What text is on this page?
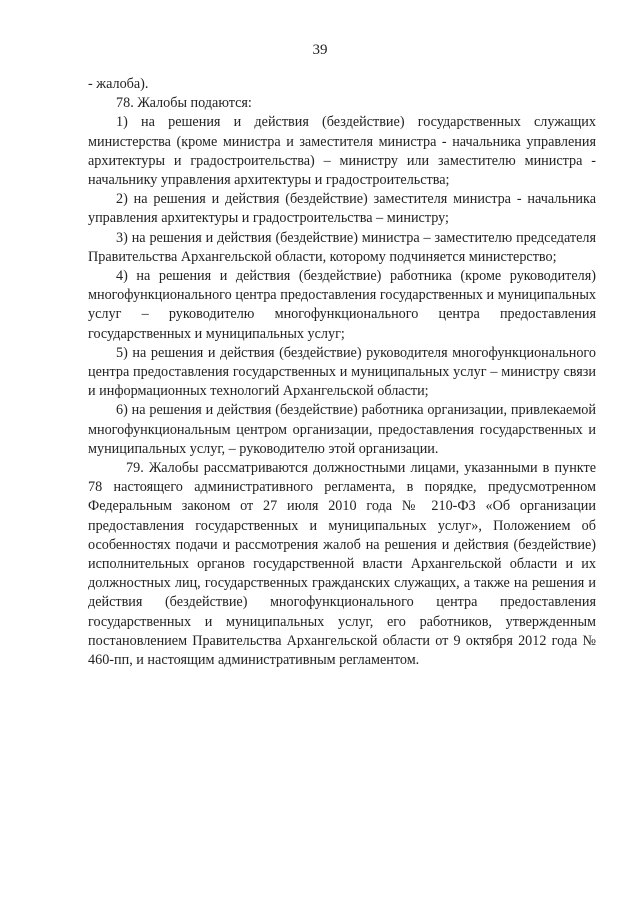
39

- жалоба).

78. Жалобы подаются:

1) на решения и действия (бездействие) государственных служащих министерства (кроме министра и заместителя министра - начальника управления архитектуры и градостроительства) – министру или заместителю министра - начальнику управления архитектуры и градостроительства;

2) на решения и действия (бездействие) заместителя министра - начальника управления архитектуры и градостроительства – министру;

3) на решения и действия (бездействие) министра – заместителю председателя Правительства Архангельской области, которому подчиняется министерство;

4) на решения и действия (бездействие) работника (кроме руководителя) многофункционального центра предоставления государственных и муниципальных услуг – руководителю многофункционального центра предоставления государственных и муниципальных услуг;

5) на решения и действия (бездействие) руководителя многофункционального центра предоставления государственных и муниципальных услуг – министру связи и информационных технологий Архангельской области;

6) на решения и действия (бездействие) работника организации, привлекаемой многофункциональным центром организации, предоставления государственных и муниципальных услуг, – руководителю этой организации.

79. Жалобы рассматриваются должностными лицами, указанными в пункте 78 настоящего административного регламента, в порядке, предусмотренном Федеральным законом от 27 июля 2010 года № 210-ФЗ «Об организации предоставления государственных и муниципальных услуг», Положением об особенностях подачи и рассмотрения жалоб на решения и действия (бездействие) исполнительных органов государственной власти Архангельской области и их должностных лиц, государственных гражданских служащих, а также на решения и действия (бездействие) многофункционального центра предоставления государственных и муниципальных услуг, его работников, утвержденным постановлением Правительства Архангельской области от 9 октября 2012 года № 460-пп, и настоящим административным регламентом.
